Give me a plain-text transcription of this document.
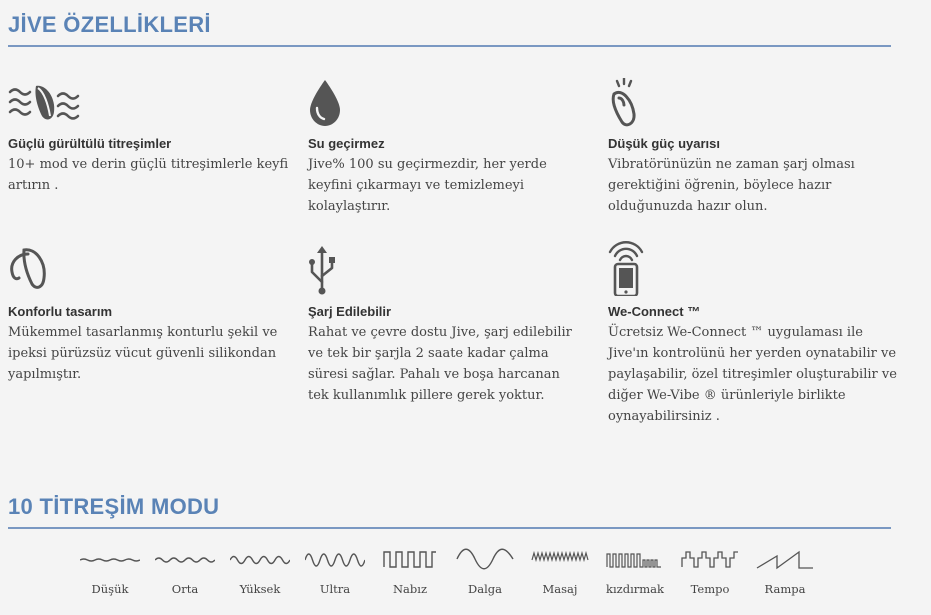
JİVE ÖZELLİKLERİ

Güçlü gürültülü titreşimler

10+ mod ve derin güçlü titreşimlerle keyfi artırın .

Su geçirmez

Jive% 100 su geçirmezdir, her yerde keyfini çıkarmayı ve temizlemeyi kolaylaştırır.

Düşük güç uyarısı

Vibratörünüzün ne zaman şarj olması gerektiğini öğrenin, böylece hazır olduğunuzda hazır olun.

Konforlu tasarım

Mükemmel tasarlanmış konturlu şekil ve ipeksi pürüzsüz vücut güvenli silikondan yapılmıştır.

Şarj Edilebilir

Rahat ve çevre dostu Jive, şarj edilebilir ve tek bir şarjla 2 saate kadar çalma süresi sağlar. Pahalı ve boşa harcanan tek kullanımlık pillere gerek yoktur.

We-Connect ™

Ücretsiz We-Connect ™ uygulaması ile Jive'ın kontrolünü her yerden oynatabilir ve paylaşabilir, özel titreşimler oluşturabilir ve diğer We-Vibe ® ürünleriyle birlikte oynayabilirsiniz .

10 TİTREŞİM MODU
Düşük	Orta	Yüksek	Ultra	Nabız	Dalga	Masaj	kızdırmak	Tempo	Rampa
